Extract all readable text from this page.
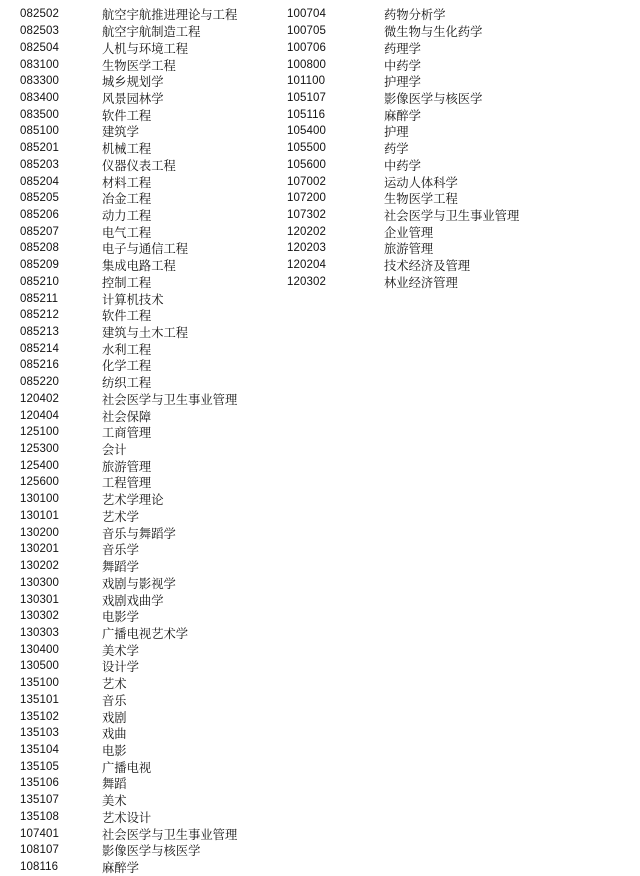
082502	航空宇航推进理论与工程
082503	航空宇航制造工程
082504	人机与环境工程
083100	生物医学工程
083300	城乡规划学
083400	风景园林学
083500	软件工程
085100	建筑学
085201	机械工程
085203	仪器仪表工程
085204	材料工程
085205	冶金工程
085206	动力工程
085207	电气工程
085208	电子与通信工程
085209	集成电路工程
085210	控制工程
085211	计算机技术
085212	软件工程
085213	建筑与土木工程
085214	水利工程
085216	化学工程
085220	纺织工程
120402	社会医学与卫生事业管理
120404	社会保障
125100	工商管理
125300	会计
125400	旅游管理
125600	工程管理
130100	艺术学理论
130101	艺术学
130200	音乐与舞蹈学
130201	音乐学
130202	舞蹈学
130300	戏剧与影视学
130301	戏剧戏曲学
130302	电影学
130303	广播电视艺术学
130400	美术学
130500	设计学
135100	艺术
135101	音乐
135102	戏剧
135103	戏曲
135104	电影
135105	广播电视
135106	舞蹈
135107	美术
135108	艺术设计
107401	社会医学与卫生事业管理
108107	影像医学与核医学
108116	麻醉学
100704	药物分析学
100705	微生物与生化药学
100706	药理学
100800	中药学
101100	护理学
105107	影像医学与核医学
105116	麻醉学
105400	护理
105500	药学
105600	中药学
107002	运动人体科学
107200	生物医学工程
107302	社会医学与卫生事业管理
120202	企业管理
120203	旅游管理
120204	技术经济及管理
120302	林业经济管理
